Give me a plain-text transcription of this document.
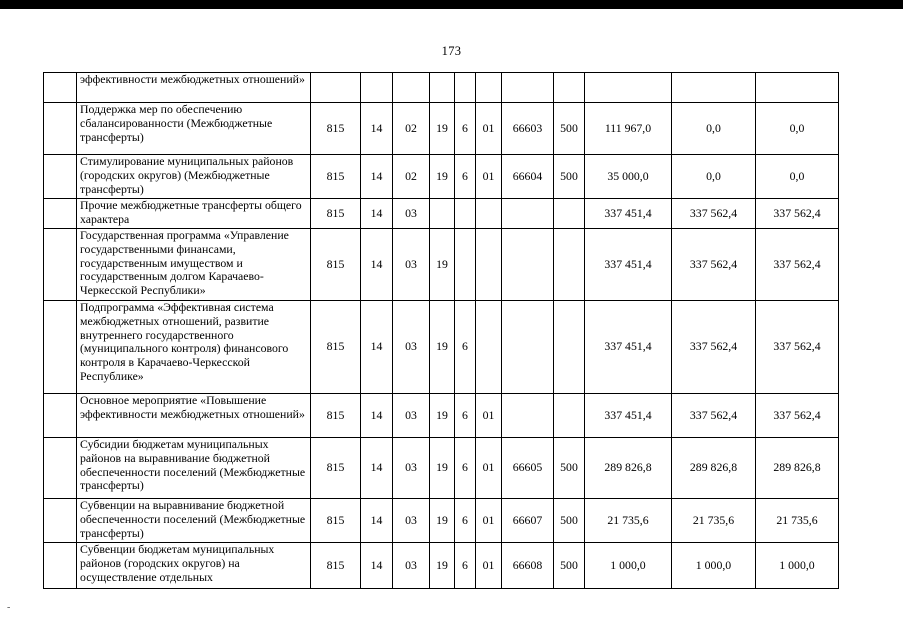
173
	эффективности межбюджетных отношений»											
	Поддержка мер по обеспечению сбалансированности (Межбюджетные трансферты)	815	14	02	19	6	01	66603	500	111 967,0	0,0	0,0
	Стимулирование муниципальных районов (городских округов) (Межбюджетные трансферты)	815	14	02	19	6	01	66604	500	35 000,0	0,0	0,0
	Прочие межбюджетные трансферты общего характера	815	14	03						337 451,4	337 562,4	337 562,4
	Государственная программа «Управление государственными финансами, государственным имуществом и государственным долгом Карачаево-Черкесской Республики»	815	14	03	19					337 451,4	337 562,4	337 562,4
	Подпрограмма «Эффективная система межбюджетных отношений, развитие внутреннего государственного (муниципального контроля) финансового контроля в Карачаево-Черкесской Республике»	815	14	03	19	6				337 451,4	337 562,4	337 562,4
	Основное мероприятие «Повышение эффективности межбюджетных отношений»	815	14	03	19	6	01			337 451,4	337 562,4	337 562,4
	Субсидии бюджетам муниципальных районов на выравнивание бюджетной обеспеченности поселений (Межбюджетные трансферты)	815	14	03	19	6	01	66605	500	289 826,8	289 826,8	289 826,8
	Субвенции на выравнивание бюджетной обеспеченности поселений (Межбюджетные трансферты)	815	14	03	19	6	01	66607	500	21 735,6	21 735,6	21 735,6
	Субвенции бюджетам муниципальных районов (городских округов) на осуществление отдельных	815	14	03	19	6	01	66608	500	1 000,0	1 000,0	1 000,0
-
